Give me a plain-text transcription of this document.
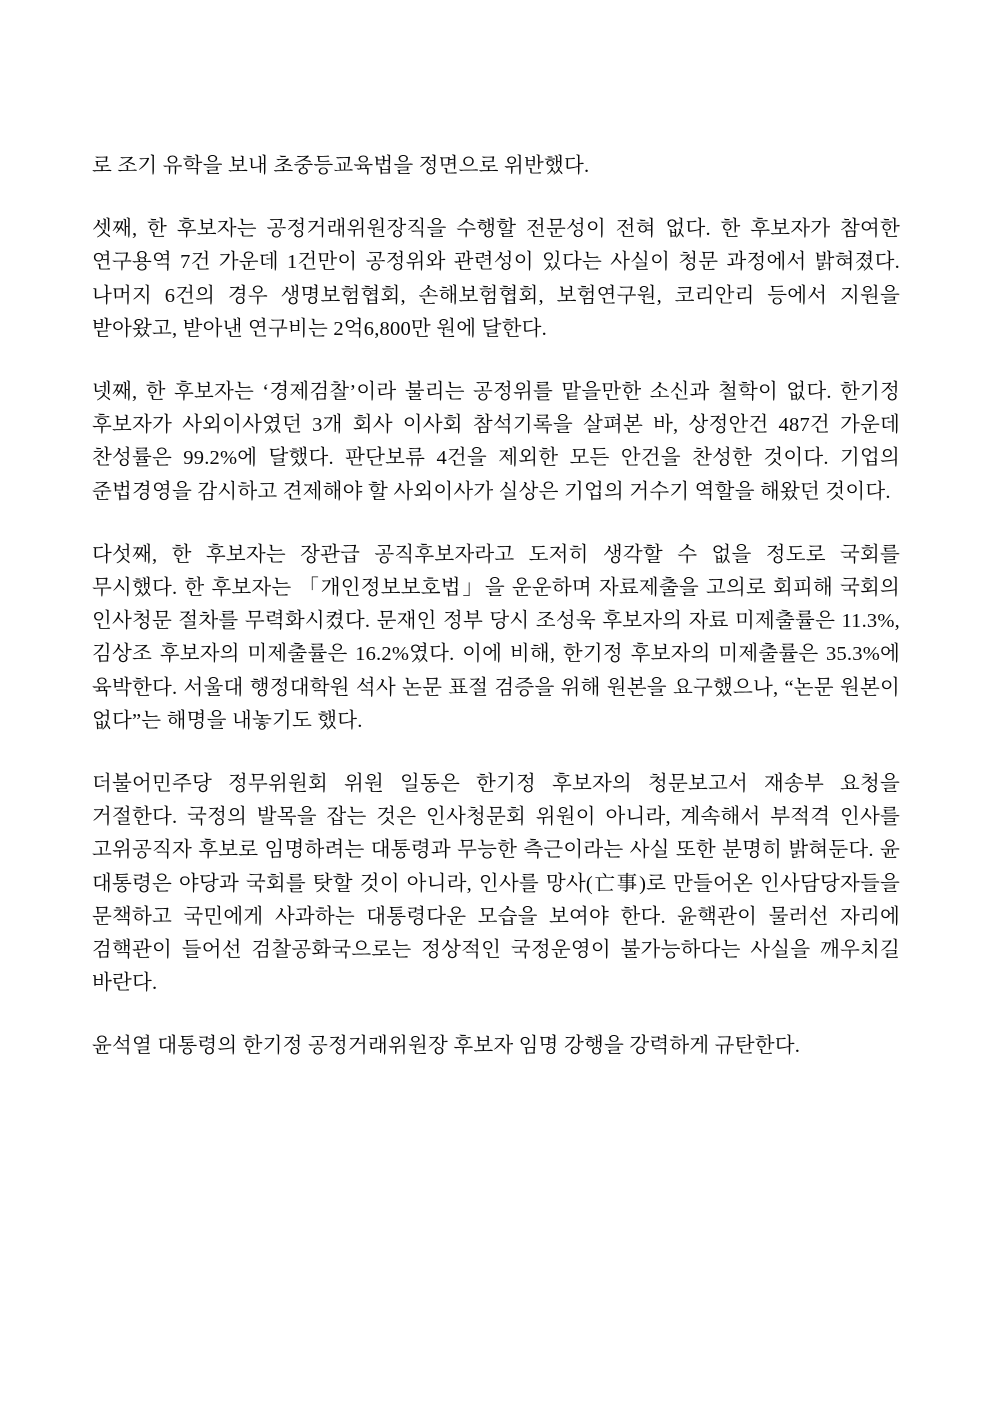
로 조기 유학을 보내 초중등교육법을 정면으로 위반했다.

셋째, 한 후보자는 공정거래위원장직을 수행할 전문성이 전혀 없다. 한 후보자가 참여한 연구용역 7건 가운데 1건만이 공정위와 관련성이 있다는 사실이 청문 과정에서 밝혀졌다. 나머지 6건의 경우 생명보험협회, 손해보험협회, 보험연구원, 코리안리 등에서 지원을 받아왔고, 받아낸 연구비는 2억6,800만 원에 달한다.

넷째, 한 후보자는 ‘경제검찰’이라 불리는 공정위를 맡을만한 소신과 철학이 없다. 한기정 후보자가 사외이사였던 3개 회사 이사회 참석기록을 살펴본 바, 상정안건 487건 가운데 찬성률은 99.2%에 달했다. 판단보류 4건을 제외한 모든 안건을 찬성한 것이다. 기업의 준법경영을 감시하고 견제해야 할 사외이사가 실상은 기업의 거수기 역할을 해왔던 것이다.

다섯째, 한 후보자는 장관급 공직후보자라고 도저히 생각할 수 없을 정도로 국회를 무시했다. 한 후보자는 「개인정보보호법」을 운운하며 자료제출을 고의로 회피해 국회의 인사청문 절차를 무력화시켰다. 문재인 정부 당시 조성욱 후보자의 자료 미제출률은 11.3%, 김상조 후보자의 미제출률은 16.2%였다. 이에 비해, 한기정 후보자의 미제출률은 35.3%에 육박한다. 서울대 행정대학원 석사 논문 표절 검증을 위해 원본을 요구했으나, “논문 원본이 없다”는 해명을 내놓기도 했다.

더불어민주당 정무위원회 위원 일동은 한기정 후보자의 청문보고서 재송부 요청을 거절한다. 국정의 발목을 잡는 것은 인사청문회 위원이 아니라, 계속해서 부적격 인사를 고위공직자 후보로 임명하려는 대통령과 무능한 측근이라는 사실 또한 분명히 밝혀둔다. 윤 대통령은 야당과 국회를 탓할 것이 아니라, 인사를 망사(亡事)로 만들어온 인사담당자들을 문책하고 국민에게 사과하는 대통령다운 모습을 보여야 한다. 윤핵관이 물러선 자리에 검핵관이 들어선 검찰공화국으로는 정상적인 국정운영이 불가능하다는 사실을 깨우치길 바란다.

윤석열 대통령의 한기정 공정거래위원장 후보자 임명 강행을 강력하게 규탄한다.
